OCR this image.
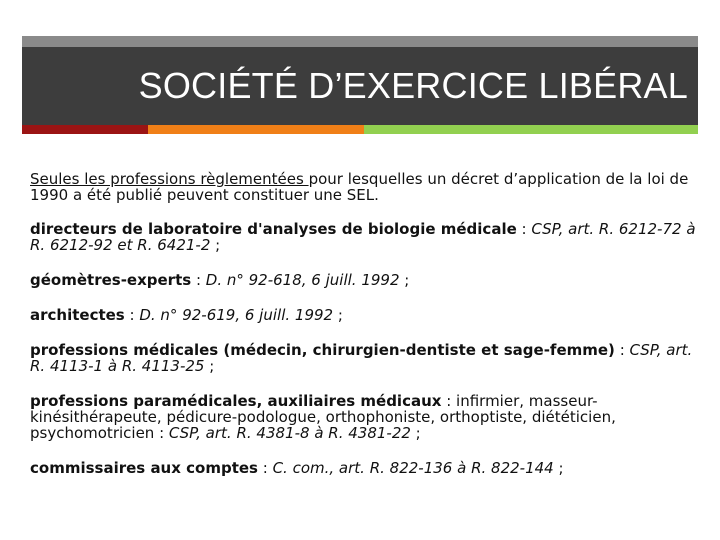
SOCIÉTÉ D’EXERCICE LIBÉRAL

Seules les professions règlementées pour lesquelles un décret d’application de la loi de 1990 a été publié peuvent constituer une SEL.

directeurs de laboratoire d'analyses de biologie médicale : CSP, art. R. 6212-72 à R. 6212-92 et R. 6421-2 ;

géomètres-experts : D. n° 92-618, 6 juill. 1992 ;

architectes : D. n° 92-619, 6 juill. 1992 ;

professions médicales (médecin, chirurgien-dentiste et sage-femme) : CSP, art. R. 4113-1 à R. 4113-25 ;

professions paramédicales, auxiliaires médicaux : infirmier, masseur-kinésithérapeute, pédicure-podologue, orthophoniste, orthoptiste, diététicien, psychomotricien : CSP, art. R. 4381-8 à R. 4381-22 ;

commissaires aux comptes : C. com., art. R. 822-136 à R. 822-144 ;
